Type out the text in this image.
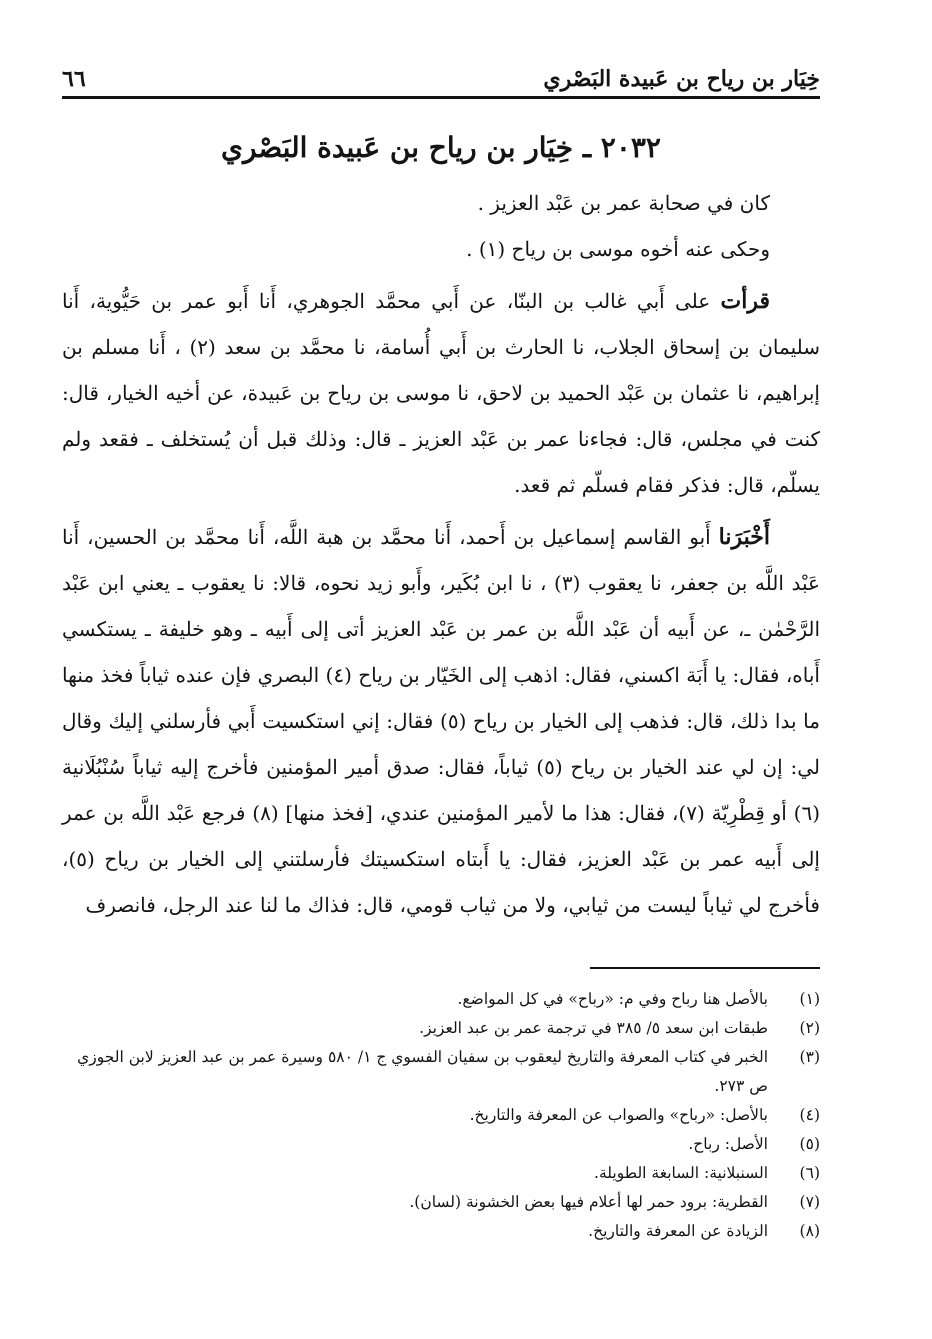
خِيَار بن رياح بن عَبيدة البَصْري
٦٦
٢٠٣٢ ـ خِيَار بن رياح بن عَبيدة البَصْري

كان في صحابة عمر بن عَبْد العزيز .

وحكى عنه أخوه موسى بن رياح (١) .

قرأت على أَبي غالب بن البنّا، عن أَبي محمَّد الجوهري، أَنا أَبو عمر بن حَيُّوية، أَنا سليمان بن إسحاق الجلاب، نا الحارث بن أَبي أُسامة، نا محمَّد بن سعد (٢) ، أَنا مسلم بن إبراهيم، نا عثمان بن عَبْد الحميد بن لاحق، نا موسى بن رياح بن عَبيدة، عن أخيه الخيار، قال: كنت في مجلس، قال: فجاءنا عمر بن عَبْد العزيز ـ قال: وذلك قبل أن يُستخلف ـ فقعد ولم يسلّم، قال: فذكر فقام فسلّم ثم قعد.

أَخْبَرَنا أَبو القاسم إسماعيل بن أَحمد، أَنا محمَّد بن هبة اللَّه، أَنا محمَّد بن الحسين، أَنا عَبْد اللَّه بن جعفر، نا يعقوب (٣) ، نا ابن بُكَير، وأَبو زيد نحوه، قالا: نا يعقوب ـ يعني ابن عَبْد الرَّحْمٰن ـ، عن أَبيه أن عَبْد اللَّه بن عمر بن عَبْد العزيز أتى إلى أَبيه ـ وهو خليفة ـ يستكسي أَباه، فقال: يا أَبَة اكسني، فقال: اذهب إلى الخَيّار بن رياح (٤) البصري فإن عنده ثياباً فخذ منها ما بدا ذلك، قال: فذهب إلى الخيار بن رياح (٥) فقال: إني استكسيت أَبي فأرسلني إليك وقال لي: إن لي عند الخيار بن رياح (٥) ثياباً، فقال: صدق أمير المؤمنين فأخرج إليه ثياباً سُنْبُلَانية (٦) أو قِطْرِيّة (٧)، فقال: هذا ما لأمير المؤمنين عندي، [فخذ منها] (٨) فرجع عَبْد اللَّه بن عمر إلى أَبيه عمر بن عَبْد العزيز، فقال: يا أَبتاه استكسيتك فأرسلتني إلى الخيار بن رياح (٥)، فأخرج لي ثياباً ليست من ثيابي، ولا من ثياب قومي، قال: فذاك ما لنا عند الرجل، فانصرف

(١)
بالأصل هنا رباح وفي م: «رباح» في كل المواضع.
(٢)
طبقات ابن سعد ٥/ ٣٨٥ في ترجمة عمر بن عبد العزيز.
(٣)
الخبر في كتاب المعرفة والتاريخ ليعقوب بن سفيان الفسوي ج ١/ ٥٨٠ وسيرة عمر بن عبد العزيز لابن الجوزي ص ٢٧٣.
(٤)
بالأصل: «رباح» والصواب عن المعرفة والتاريخ.
(٥)
الأصل: رباح.
(٦)
السنبلانية: السابغة الطويلة.
(٧)
القطرية: برود حمر لها أعلام فيها بعض الخشونة (لسان).
(٨)
الزيادة عن المعرفة والتاريخ.
